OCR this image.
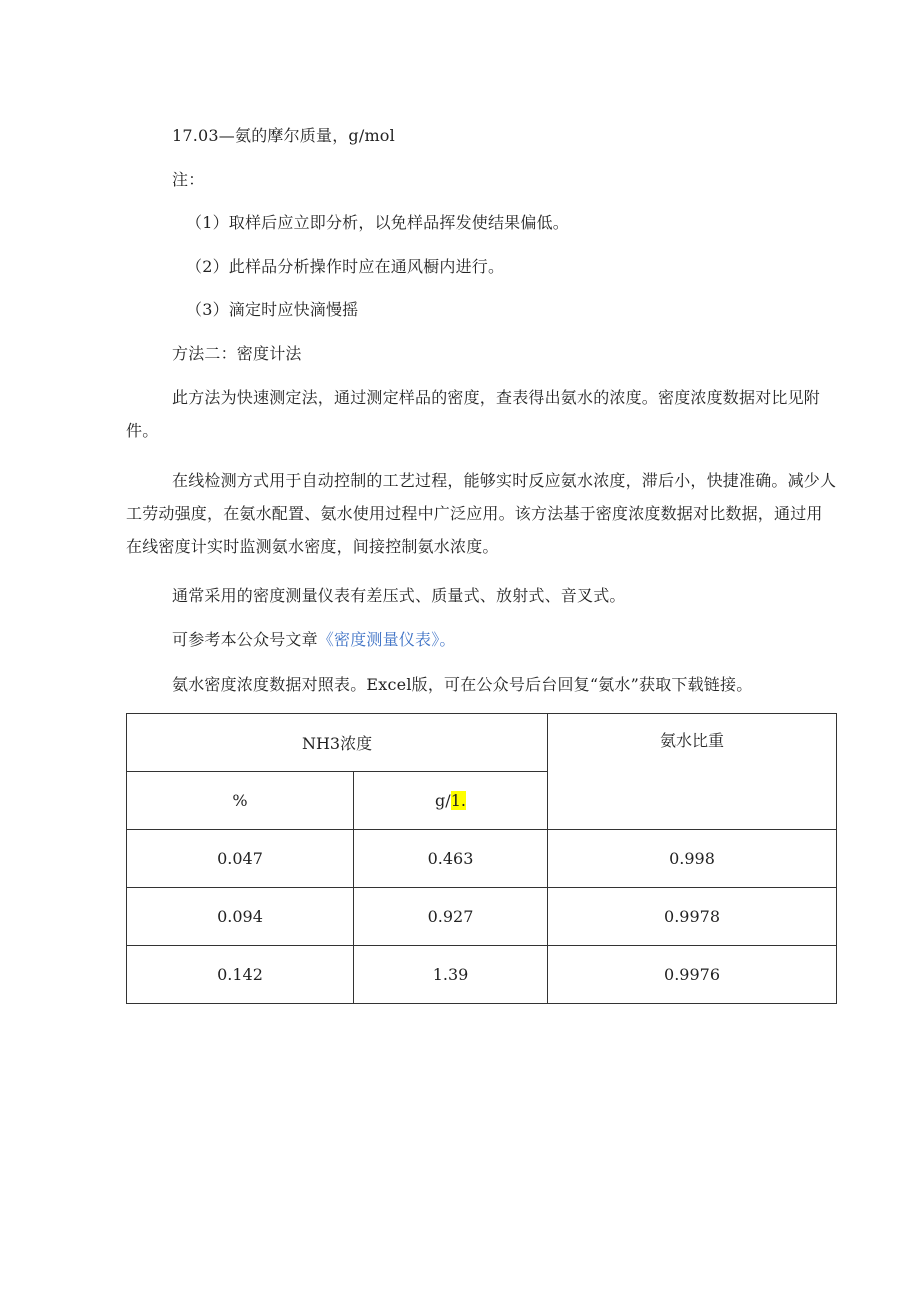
17.03—氨的摩尔质量，g/mol
注：
（1）取样后应立即分析，以免样品挥发使结果偏低。
（2）此样品分析操作时应在通风橱内进行。
（3）滴定时应快滴慢摇
方法二：密度计法
此方法为快速测定法，通过测定样品的密度，查表得出氨水的浓度。密度浓度数据对比见附件。
在线检测方式用于自动控制的工艺过程，能够实时反应氨水浓度，滞后小，快捷准确。减少人工劳动强度，在氨水配置、氨水使用过程中广泛应用。该方法基于密度浓度数据对比数据，通过用在线密度计实时监测氨水密度，间接控制氨水浓度。
通常采用的密度测量仪表有差压式、质量式、放射式、音叉式。
可参考本公众号文章《密度测量仪表》。
氨水密度浓度数据对照表。Excel版，可在公众号后台回复“氨水”获取下载链接。
NH3浓度		氨水比重
%	g/1.	
0.047	0.463	0.998
0.094	0.927	0.9978
0.142	1.39	0.9976
